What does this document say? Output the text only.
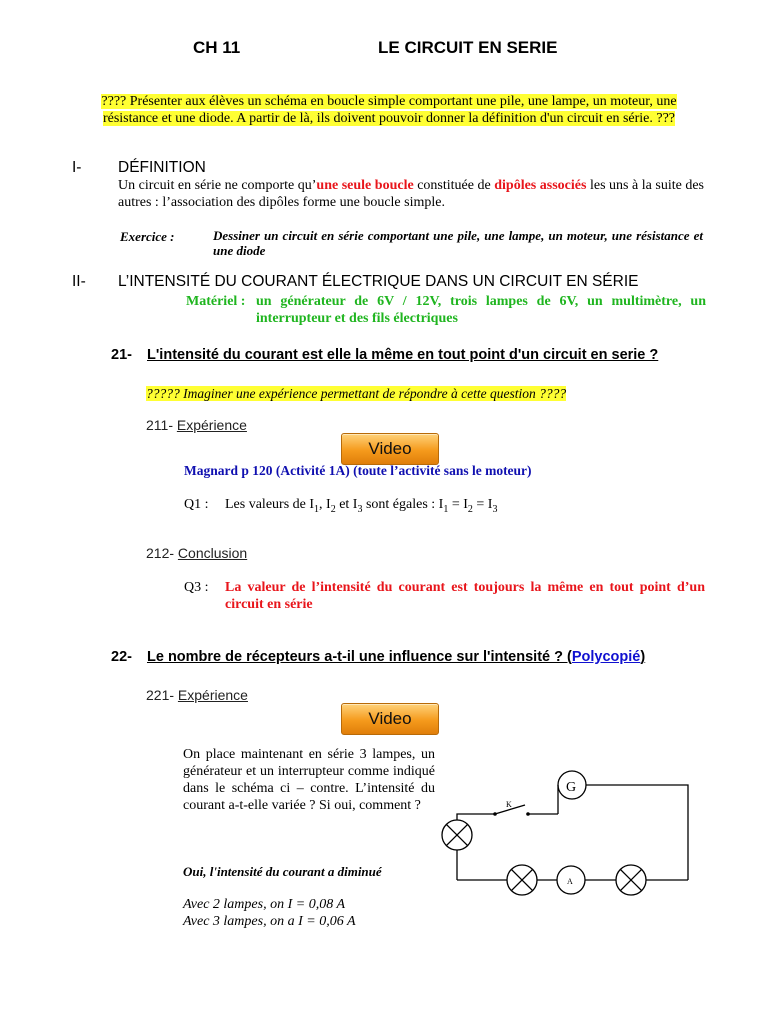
CH 11	LE CIRCUIT EN SERIE
???? Présenter aux élèves un schéma en boucle simple comportant une pile, une lampe, un moteur, une résistance et une diode. A partir de là, ils doivent pouvoir donner la définition d'un circuit en série. ???
I- DÉFINITION
Un circuit en série ne comporte qu’une seule boucle constituée de dipôles associés les uns à la suite des autres : l’association des dipôles forme une boucle simple.
Exercice :	Dessiner un circuit en série comportant une pile, une lampe, un moteur, une résistance et une diode
II- L’INTENSITÉ DU COURANT ÉLECTRIQUE DANS UN CIRCUIT EN SÉRIE
Matériel : un générateur de 6V / 12V, trois lampes de 6V, un multimètre, un interrupteur et des fils électriques
21-	L'intensité du courant est elle la même en tout point d'un circuit en serie ?
????? Imaginer une expérience permettant de répondre à cette question ????
211- Expérience
Video
Magnard p 120 (Activité 1A) (toute l’activité sans le moteur)
Q1 : Les valeurs de $I_1$, $I_2$ et $I_3$ sont égales : $I_1 = I_2 = I_3$
212- Conclusion
Q3 : La valeur de l’intensité du courant est toujours la même en tout point d’un circuit en série
22-	Le nombre de récepteurs a-t-il une influence sur l'intensité ? (Polycopié)
221- Expérience
Video
On place maintenant en série 3 lampes, un générateur et un interrupteur comme indiqué dans le schéma ci – contre. L’intensité du courant a-t-elle variée ? Si oui, comment ?
Oui, l'intensité du courant a diminué
Avec 2 lampes, on I = 0,08 A
Avec 3 lampes, on a I = 0,06 A
K
G
A
